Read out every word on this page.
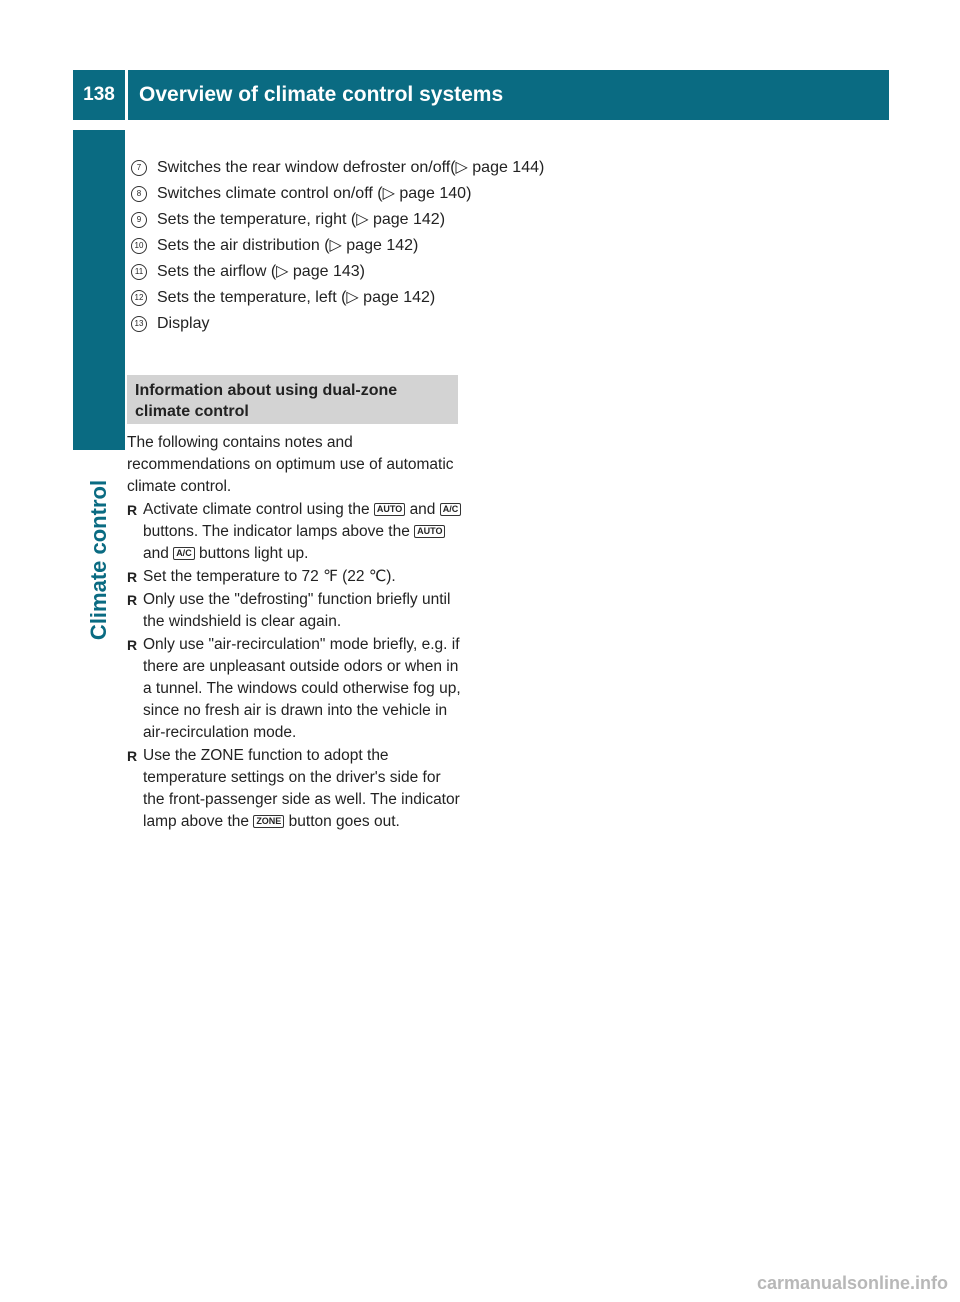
138	Overview of climate control systems
Climate control
7 Switches the rear window defroster on/off(▷ page 144)
8 Switches climate control on/off (▷ page 140)
9 Sets the temperature, right (▷ page 142)
10 Sets the air distribution (▷ page 142)
11 Sets the airflow (▷ page 143)
12 Sets the temperature, left (▷ page 142)
13 Display
Information about using dual-zone climate control
The following contains notes and recommendations on optimum use of automatic climate control.
R Activate climate control using the AUTO and A/C buttons. The indicator lamps above the AUTO and A/C buttons light up.
R Set the temperature to 72 ℉ (22 ℃).
R Only use the "defrosting" function briefly until the windshield is clear again.
R Only use "air-recirculation" mode briefly, e.g. if there are unpleasant outside odors or when in a tunnel. The windows could otherwise fog up, since no fresh air is drawn into the vehicle in air-recirculation mode.
R Use the ZONE function to adopt the temperature settings on the driver's side for the front-passenger side as well. The indicator lamp above the ZONE button goes out.
carmanualsonline.info
